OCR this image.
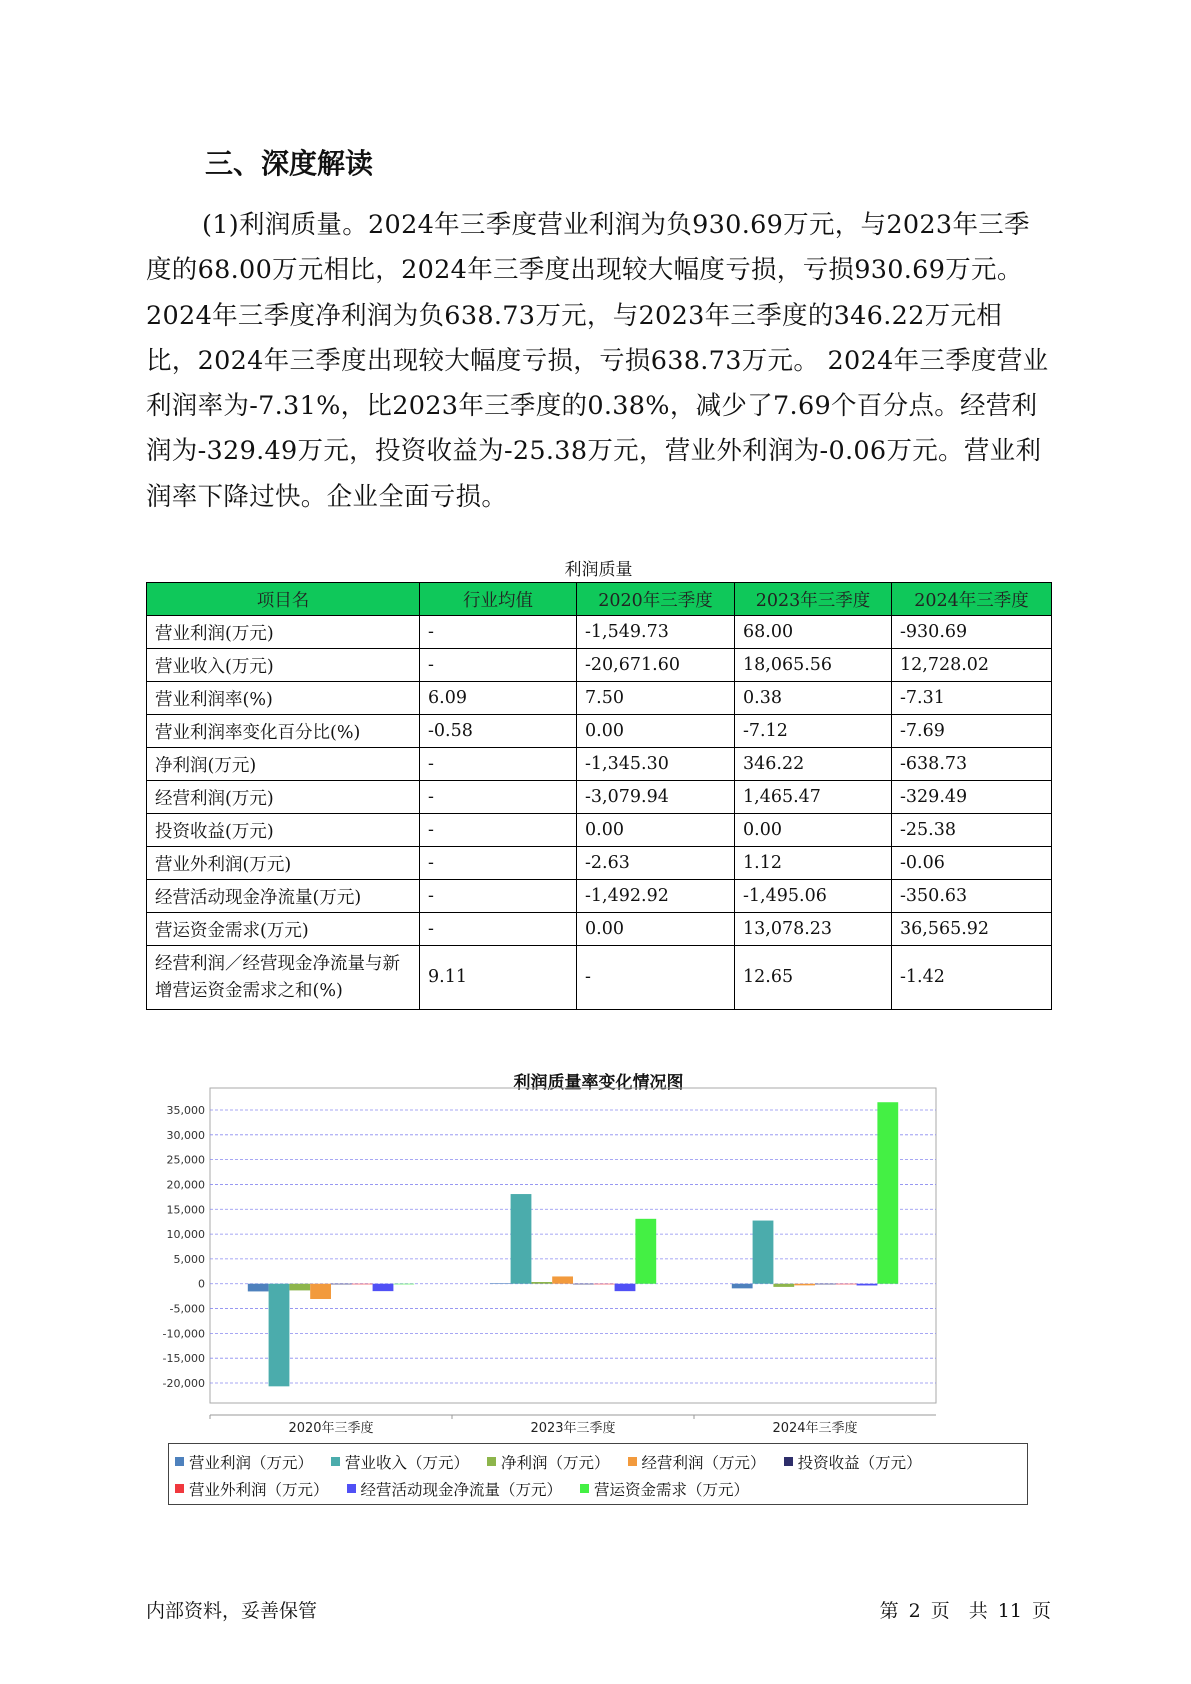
三、深度解读

(1)利润质量。2024年三季度营业利润为负930.69万元，与2023年三季度的68.00万元相比，2024年三季度出现较大幅度亏损，亏损930.69万元。2024年三季度净利润为负638.73万元，与2023年三季度的346.22万元相比，2024年三季度出现较大幅度亏损，亏损638.73万元。 2024年三季度营业利润率为-7.31%，比2023年三季度的0.38%，减少了7.69个百分点。经营利润为-329.49万元，投资收益为-25.38万元，营业外利润为-0.06万元。营业利润率下降过快。企业全面亏损。

利润质量
项目名	行业均值	2020年三季度	2023年三季度	2024年三季度
营业利润(万元)	-	-1,549.73	68.00	-930.69
营业收入(万元)	-	-20,671.60	18,065.56	12,728.02
营业利润率(%)	6.09	7.50	0.38	-7.31
营业利润率变化百分比(%)	-0.58	0.00	-7.12	-7.69
净利润(万元)	-	-1,345.30	346.22	-638.73
经营利润(万元)	-	-3,079.94	1,465.47	-329.49
投资收益(万元)	-	0.00	0.00	-25.38
营业外利润(万元)	-	-2.63	1.12	-0.06
经营活动现金净流量(万元)	-	-1,492.92	-1,495.06	-350.63
营运资金需求(万元)	-	0.00	13,078.23	36,565.92
经营利润／经营现金净流量与新增营运资金需求之和(%)	9.11	-	12.65	-1.42
利润质量率变化情况图
35,000
30,000
25,000
20,000
15,000
10,000
5,000
0
-5,000
-10,000
-15,000
-20,000
2020年三季度	2023年三季度	2024年三季度
营业利润（万元） 营业收入（万元） 净利润（万元） 经营利润（万元） 投资收益（万元）
营业外利润（万元） 经营活动现金净流量（万元） 营运资金需求（万元）
内部资料，妥善保管	第 2 页　共 11 页
